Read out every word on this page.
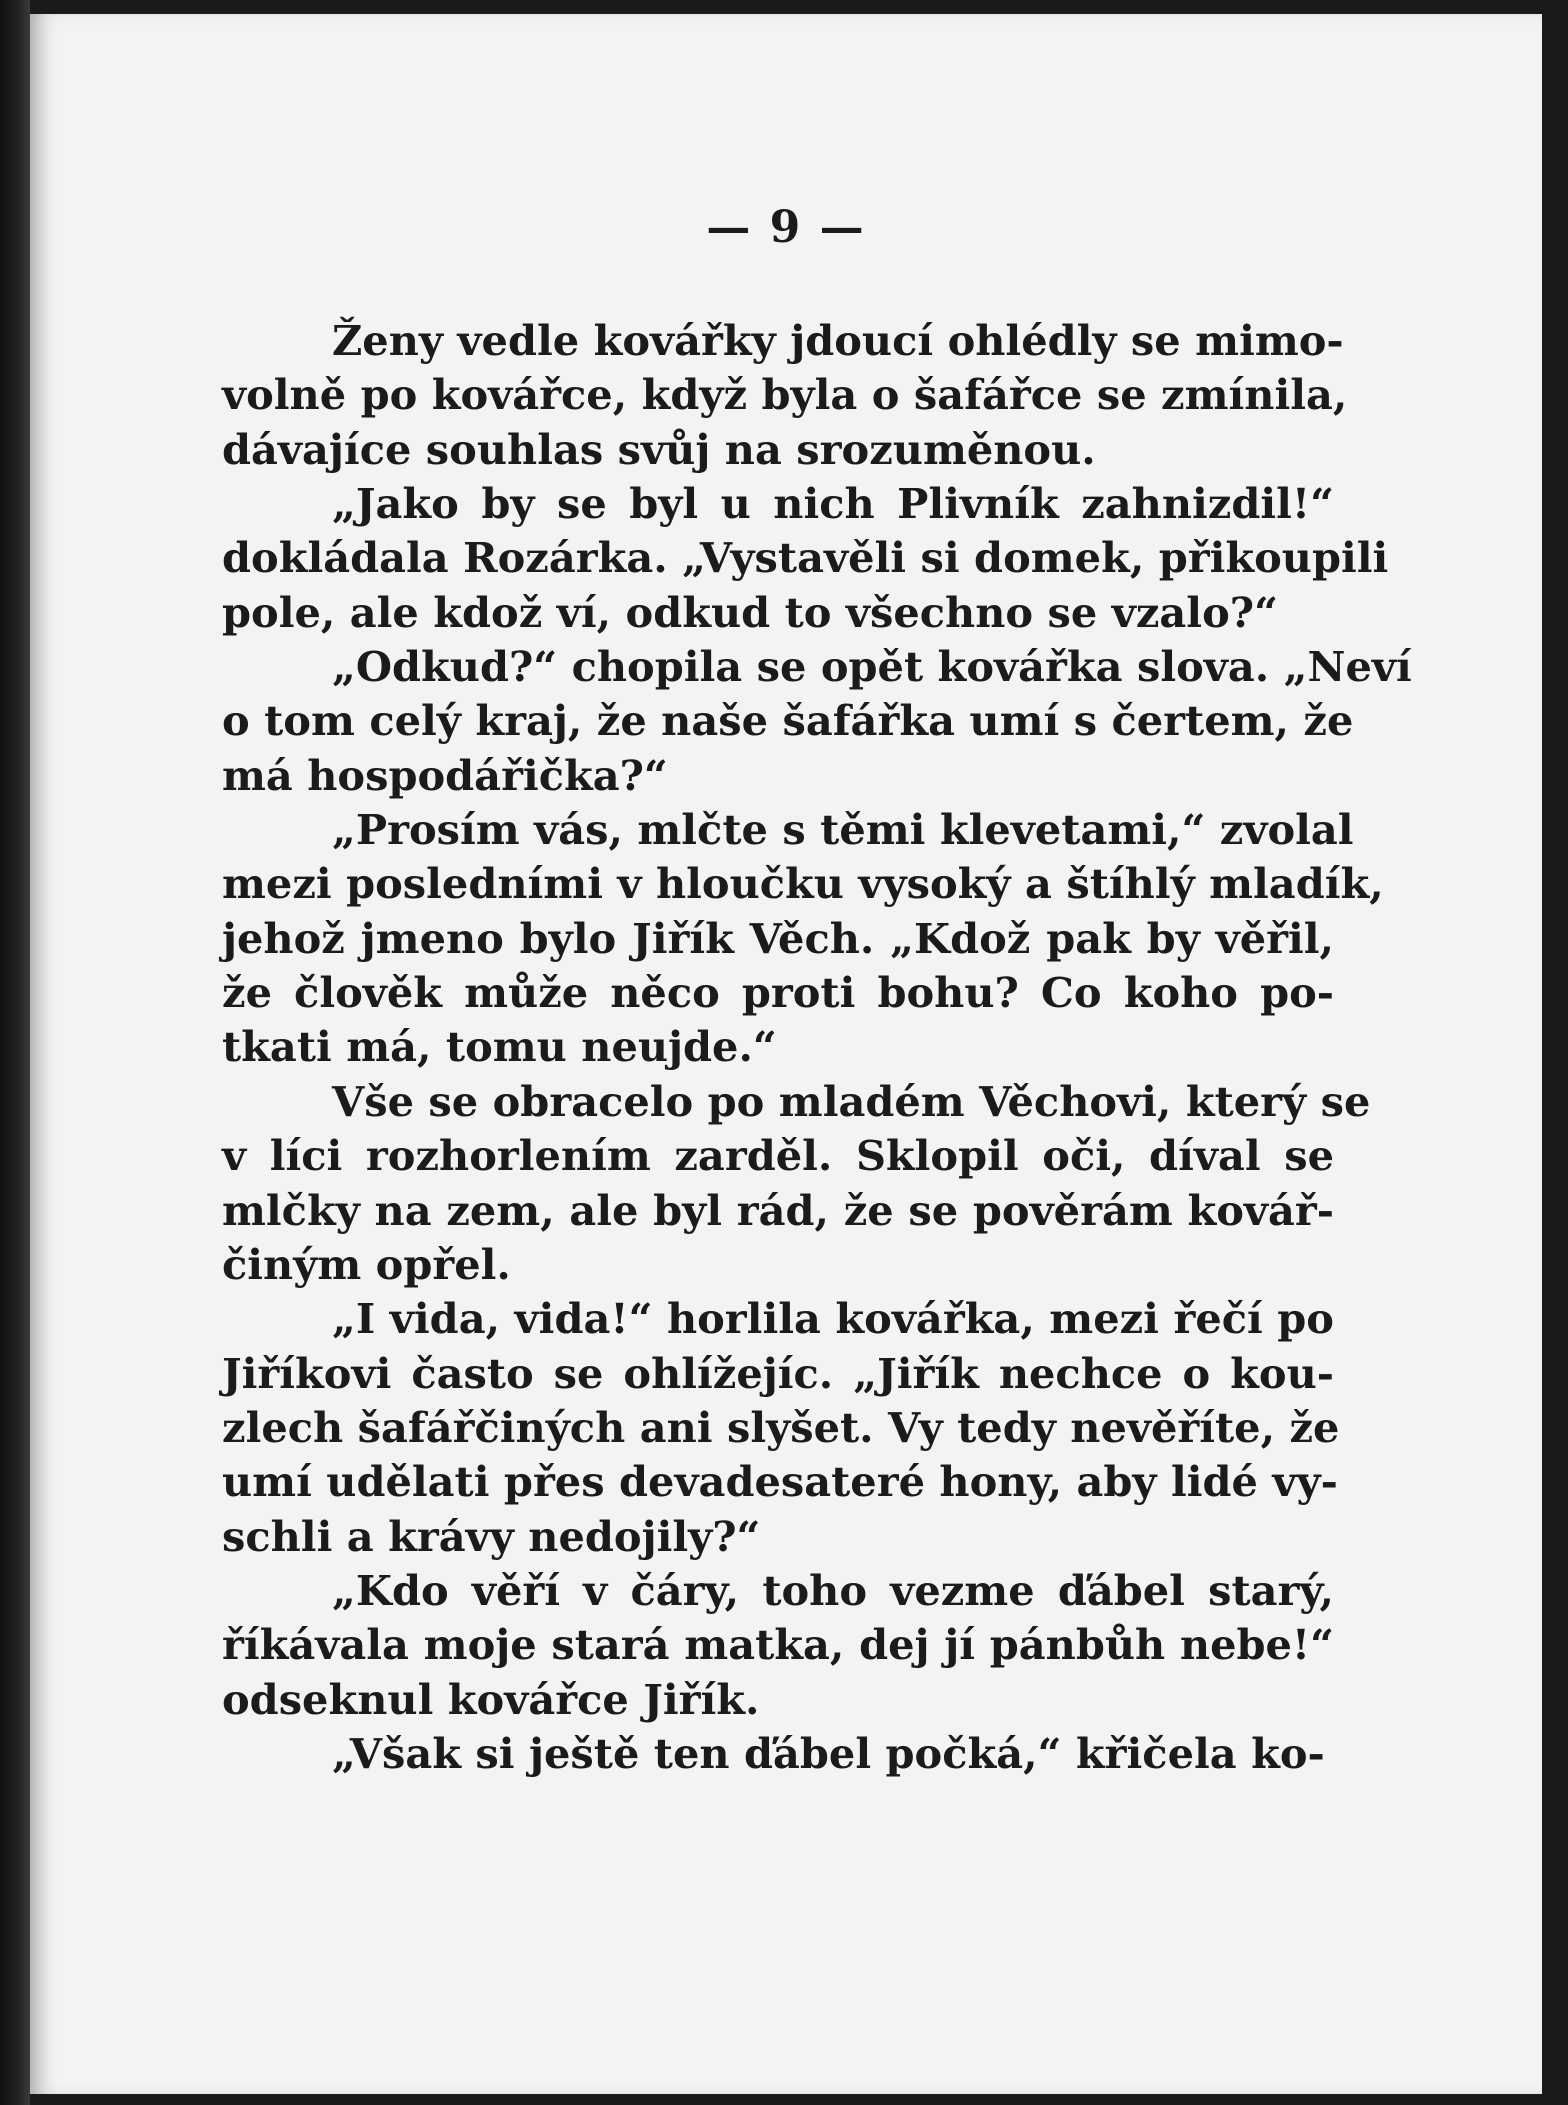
— 9 —
Ženy vedle kovářky jdoucí ohlédly se mimo-
volně po kovářce, když byla o šafářce se zmínila,
dávajíce souhlas svůj na srozuměnou.
„Jako by se byl u nich Plivník zahnizdil!“
dokládala Rozárka. „Vystavěli si domek, přikoupili
pole, ale kdož ví, odkud to všechno se vzalo?“
„Odkud?“ chopila se opět kovářka slova. „Neví
o tom celý kraj, že naše šafářka umí s čertem, že
má hospodářička?“
„Prosím vás, mlčte s těmi klevetami,“ zvolal
mezi posledními v hloučku vysoký a štíhlý mladík,
jehož jmeno bylo Jiřík Věch. „Kdož pak by věřil,
že člověk může něco proti bohu? Co koho po-
tkati má, tomu neujde.“
Vše se obracelo po mladém Věchovi, který se
v líci rozhorlením zarděl. Sklopil oči, díval se
mlčky na zem, ale byl rád, že se pověrám kovář-
činým opřel.
„I vida, vida!“ horlila kovářka, mezi řečí po
Jiříkovi často se ohlížejíc. „Jiřík nechce o kou-
zlech šafářčiných ani slyšet. Vy tedy nevěříte, že
umí udělati přes devadesateré hony, aby lidé vy-
schli a krávy nedojily?“
„Kdo věří v čáry, toho vezme ďábel starý,
říkávala moje stará matka, dej jí pánbůh nebe!“
odseknul kovářce Jiřík.
„Však si ještě ten ďábel počká,“ křičela ko-
